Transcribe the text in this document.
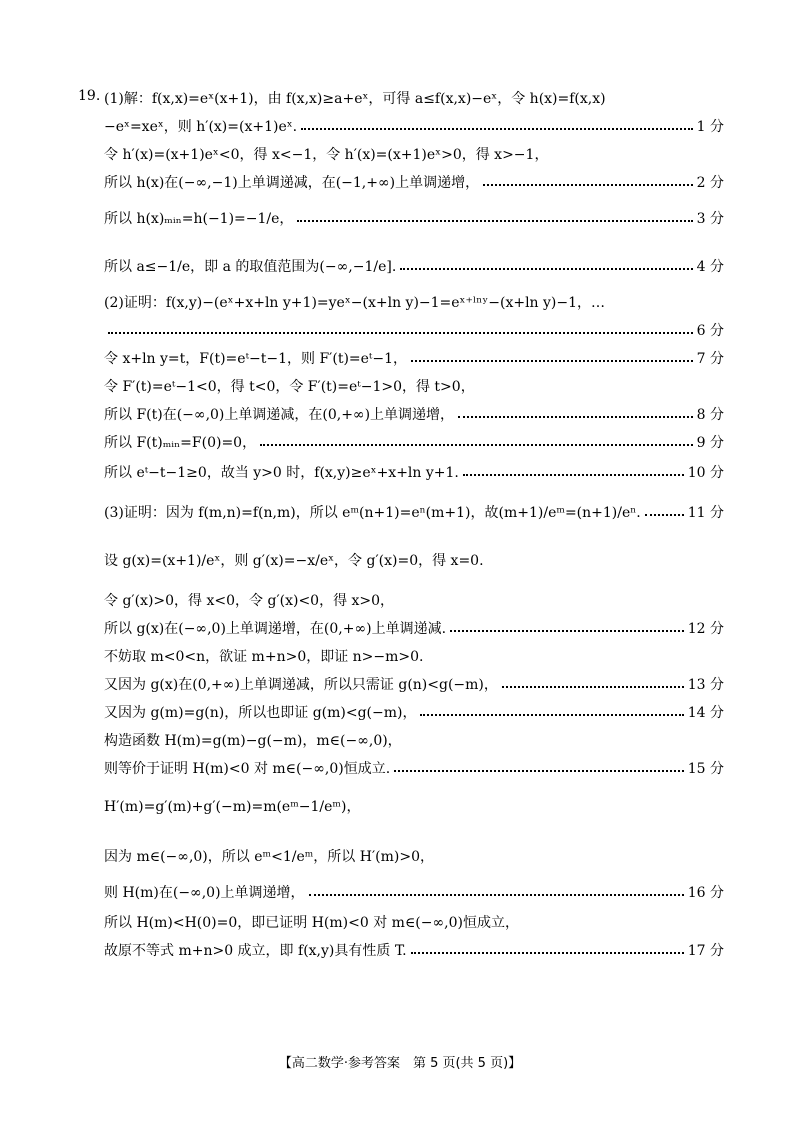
19. (1)解：f(x,x)=eˣ(x+1)，由 f(x,x)≥a+eˣ，可得 a≤f(x,x)−eˣ，令 h(x)=f(x,x)
−eˣ=xeˣ，则 h′(x)=(x+1)eˣ.	1 分
令 h′(x)=(x+1)eˣ<0，得 x<−1，令 h′(x)=(x+1)eˣ>0，得 x>−1，
所以 h(x)在(−∞,−1)上单调递减，在(−1,+∞)上单调递增，	2 分
所以 h(x)ₘᵢₙ=h(−1)=−1/e，	3 分
所以 a≤−1/e，即 a 的取值范围为(−∞,−1/e].	4 分
(2)证明：f(x,y)−(eˣ+x+ln y+1)=yeˣ−(x+ln y)−1=eˣ⁺ˡⁿʸ−(x+ln y)−1，…
6 分
令 x+ln y=t，F(t)=eᵗ−t−1，则 F′(t)=eᵗ−1，	7 分
令 F′(t)=eᵗ−1<0，得 t<0，令 F′(t)=eᵗ−1>0，得 t>0，
所以 F(t)在(−∞,0)上单调递减，在(0,+∞)上单调递增，	8 分
所以 F(t)ₘᵢₙ=F(0)=0，	9 分
所以 eᵗ−t−1≥0，故当 y>0 时，f(x,y)≥eˣ+x+ln y+1.	10 分
(3)证明：因为 f(m,n)=f(n,m)，所以 eᵐ(n+1)=eⁿ(m+1)，故(m+1)/eᵐ=(n+1)/eⁿ.	11 分
设 g(x)=(x+1)/eˣ，则 g′(x)=−x/eˣ，令 g′(x)=0，得 x=0.
令 g′(x)>0，得 x<0，令 g′(x)<0，得 x>0，
所以 g(x)在(−∞,0)上单调递增，在(0,+∞)上单调递减.	12 分
不妨取 m<0<n，欲证 m+n>0，即证 n>−m>0.
又因为 g(x)在(0,+∞)上单调递减，所以只需证 g(n)<g(−m)，	13 分
又因为 g(m)=g(n)，所以也即证 g(m)<g(−m)，	14 分
构造函数 H(m)=g(m)−g(−m)，m∈(−∞,0)，
则等价于证明 H(m)<0 对 m∈(−∞,0)恒成立.	15 分
H′(m)=g′(m)+g′(−m)=m(eᵐ−1/eᵐ)，
因为 m∈(−∞,0)，所以 eᵐ<1/eᵐ，所以 H′(m)>0，
则 H(m)在(−∞,0)上单调递增，	16 分
所以 H(m)<H(0)=0，即已证明 H(m)<0 对 m∈(−∞,0)恒成立，
故原不等式 m+n>0 成立，即 f(x,y)具有性质 T.	17 分
【高二数学·参考答案　第 5 页(共 5 页)】
